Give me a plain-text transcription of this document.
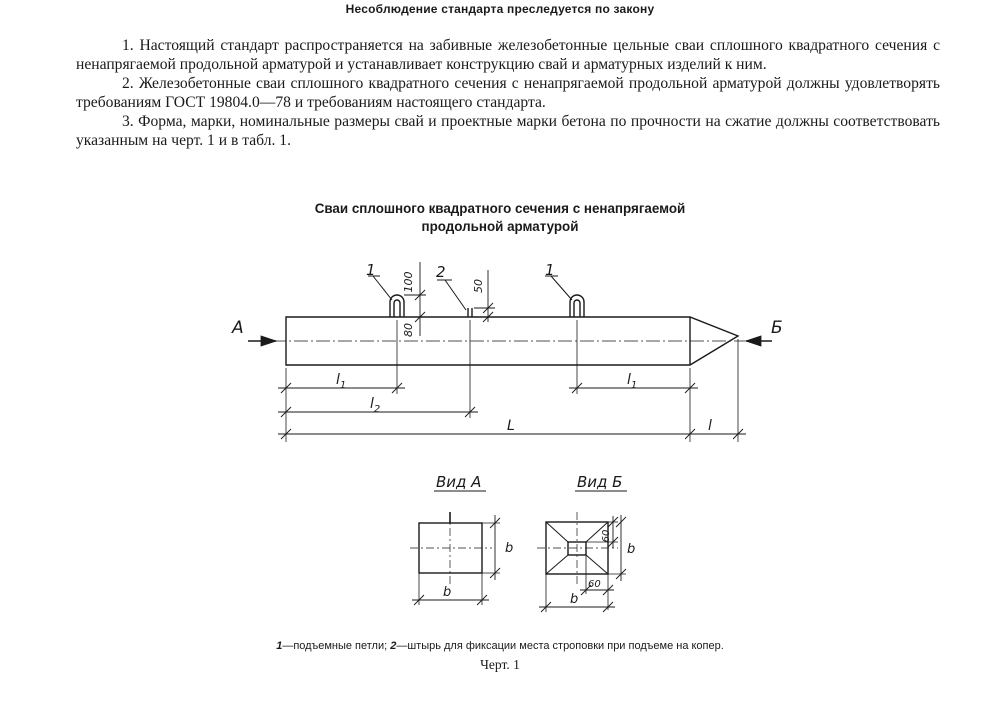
Несоблюдение стандарта преследуется по закону

1. Настоящий стандарт распространяется на забивные железобетонные цельные сваи сплошного квадратного сечения с ненапрягаемой продольной арматурой и устанавливает конструкцию свай и арматурных изделий к ним.

2. Железобетонные сваи сплошного квадратного сечения с ненапрягаемой продольной арматурой должны удовлетворять требованиям ГОСТ 19804.0—78 и требованиям настоящего стандарта.

3. Форма, марки, номинальные размеры свай и проектные марки бетона по прочности на сжатие должны соответствовать указанным на черт. 1 и в табл. 1.

Сваи сплошного квадратного сечения с ненапрягаемой
продольной арматурой
1	2	1
100
80
50
А	Б
$l_1$	$l_1$
$l_2$
L	l
Вид А	Вид Б
b
b
60
b
60
b
1—подъемные петли; 2—штырь для фиксации места строповки при подъеме на копер.
Черт. 1
